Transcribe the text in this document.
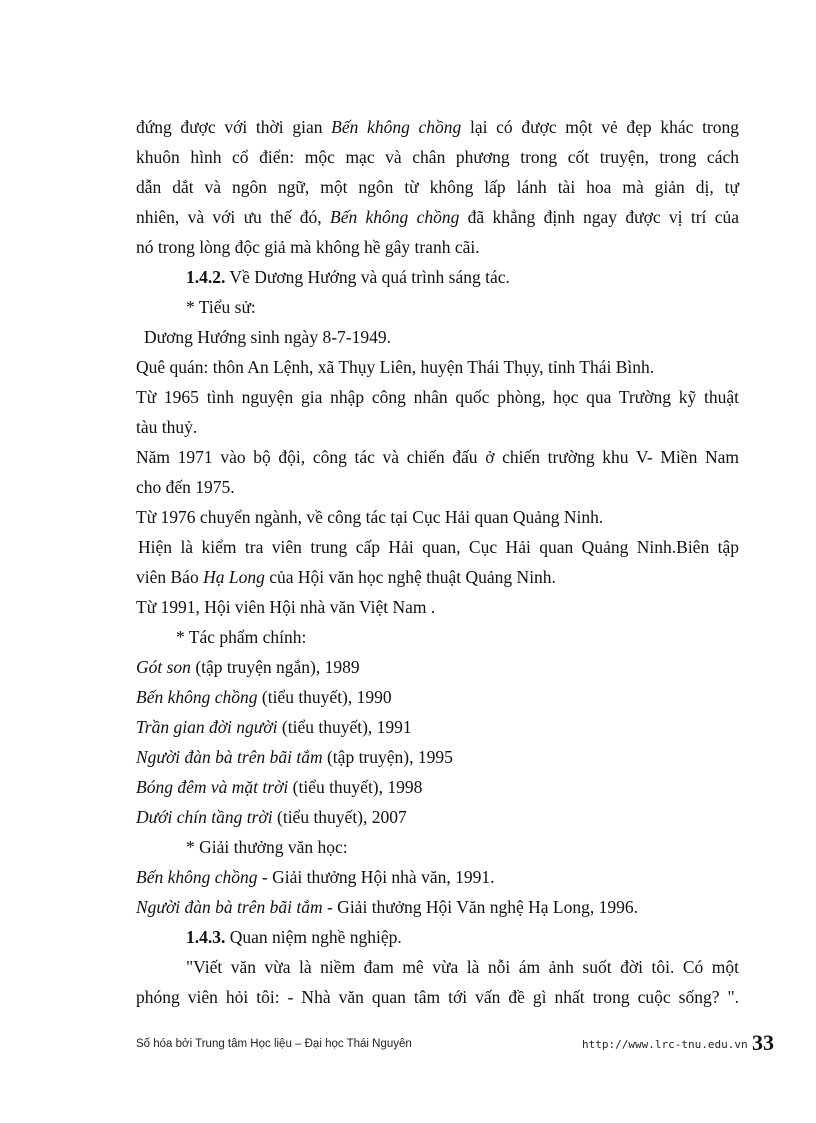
đứng được với thời gian Bến không chồng lại có được một vẻ đẹp khác trong
khuôn hình cổ điển: mộc mạc và chân phương trong cốt truyện, trong cách
dẫn dắt và ngôn ngữ, một ngôn từ không lấp lánh tài hoa mà giản dị, tự
nhiên, và với ưu thế đó, Bến không chồng đã khẳng định ngay được vị trí của
nó trong lòng độc giả mà không hề gây tranh cãi.
1.4.2. Về Dương Hướng và quá trình sáng tác.
* Tiểu sử:
Dương Hướng sinh ngày 8-7-1949.
Quê quán: thôn An Lệnh, xã Thụy Liên, huyện Thái Thụy, tỉnh Thái Bình.
Từ 1965 tình nguyện gia nhập công nhân quốc phòng, học qua Trường kỹ thuật
tàu thuỷ.
Năm 1971 vào bộ đội, công tác và chiến đấu ở chiến trường khu V- Miền Nam
cho đến 1975.
Từ 1976 chuyển ngành, về công tác tại Cục Hải quan Quảng Ninh.
Hiện là kiểm tra viên trung cấp Hải quan, Cục Hải quan Quảng Ninh.Biên tập
viên Báo Hạ Long của Hội văn học nghệ thuật Quảng Ninh.
Từ 1991, Hội viên Hội nhà văn Việt Nam .
* Tác phẩm chính:
Gót son (tập truyện ngắn), 1989
Bến không chồng (tiểu thuyết), 1990
Trần gian đời người (tiểu thuyết), 1991
Người đàn bà trên bãi tắm (tập truyện), 1995
Bóng đêm và mặt trời (tiểu thuyết), 1998
Dưới chín tầng trời (tiểu thuyết), 2007
* Giải thưởng văn học:
Bến không chồng - Giải thưởng Hội nhà văn, 1991.
Người đàn bà trên bãi tắm - Giải thưởng Hội Văn nghệ Hạ Long, 1996.
1.4.3. Quan niệm nghề nghiệp.
"Viết văn vừa là niềm đam mê vừa là nỗi ám ảnh suốt đời tôi. Có một
phóng viên hỏi tôi: - Nhà văn quan tâm tới vấn đề gì nhất trong cuộc sống? ".
Số hóa bởi Trung tâm Học liệu – Đại học Thái Nguyên	http://www.lrc-tnu.edu.vn 33
